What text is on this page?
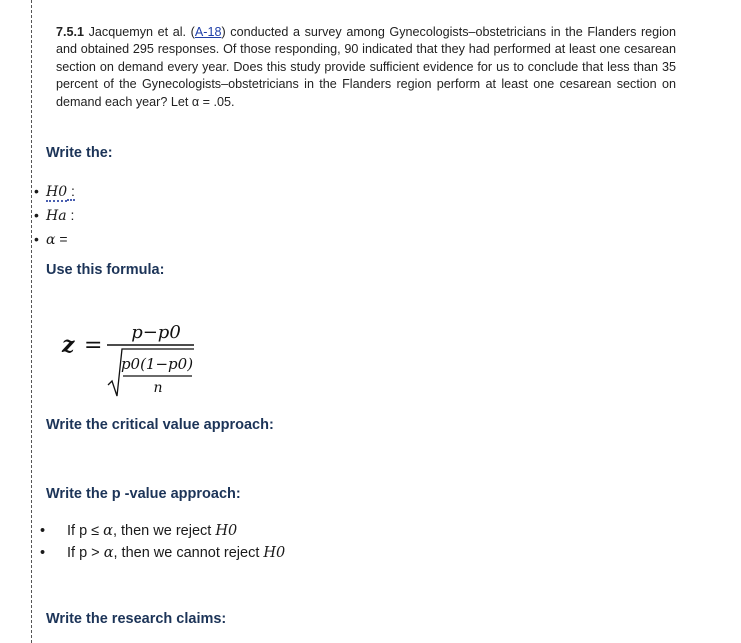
7.5.1 Jacquemyn et al. (A-18) conducted a survey among Gynecologists–obstetricians in the Flanders region and obtained 295 responses. Of those responding, 90 indicated that they had performed at least one cesarean section on demand every year. Does this study provide sufficient evidence for us to conclude that less than 35 percent of the Gynecologists–obstetricians in the Flanders region perform at least one cesarean section on demand each year? Let α = .05.
Write the:
• H0 :
• Ha :
• α =
Use this formula:
z =
p−p0
p0(1−p0)
n
Write the critical value approach:
Write the p -value approach:
• If p ≤ α, then we reject H0
• If p > α, then we cannot reject H0
Write the research claims:
